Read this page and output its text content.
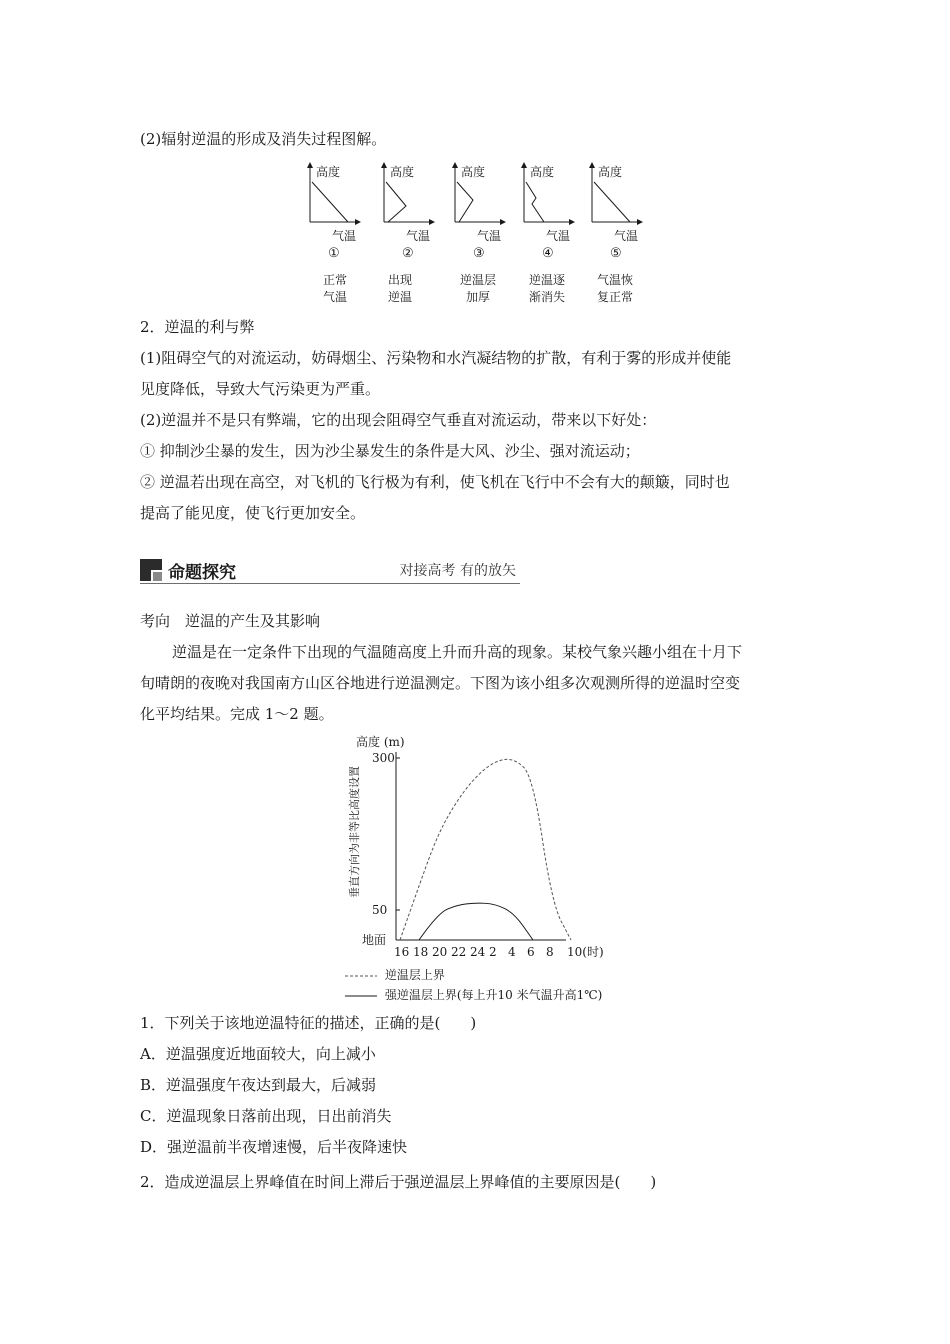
(2)辐射逆温的形成及消失过程图解。
高度
气温
①
高度
气温
②
高度
气温
③
高度
气温
④
高度
气温
⑤
正常
气温
出现
逆温
逆温层
加厚
逆温逐
渐消失
气温恢
复正常
2．逆温的利与弊
(1)阻碍空气的对流运动，妨碍烟尘、污染物和水汽凝结物的扩散，有利于雾的形成并使能
见度降低，导致大气污染更为严重。
(2)逆温并不是只有弊端，它的出现会阻碍空气垂直对流运动，带来以下好处：
① 抑制沙尘暴的发生，因为沙尘暴发生的条件是大风、沙尘、强对流运动；
② 逆温若出现在高空，对飞机的飞行极为有利，使飞机在飞行中不会有大的颠簸，同时也
提高了能见度，使飞行更加安全。
命题探究	对接高考 有的放矢
考向　逆温的产生及其影响
逆温是在一定条件下出现的气温随高度上升而升高的现象。某校气象兴趣小组在十月下
旬晴朗的夜晚对我国南方山区谷地进行逆温测定。下图为该小组多次观测所得的逆温时空变
化平均结果。完成 1～2 题。
高度 (m)
垂直方向为非等比高度设置
300
50
地面
16 18 20 22 24 2 4 6 8 10(时)
逆温层上界
强逆温层上界(每上升10 米气温升高1℃)
1．下列关于该地逆温特征的描述，正确的是(　　)
A．逆温强度近地面较大，向上减小
B．逆温强度午夜达到最大，后减弱
C．逆温现象日落前出现，日出前消失
D．强逆温前半夜增速慢，后半夜降速快
2．造成逆温层上界峰值在时间上滞后于强逆温层上界峰值的主要原因是(　　)
